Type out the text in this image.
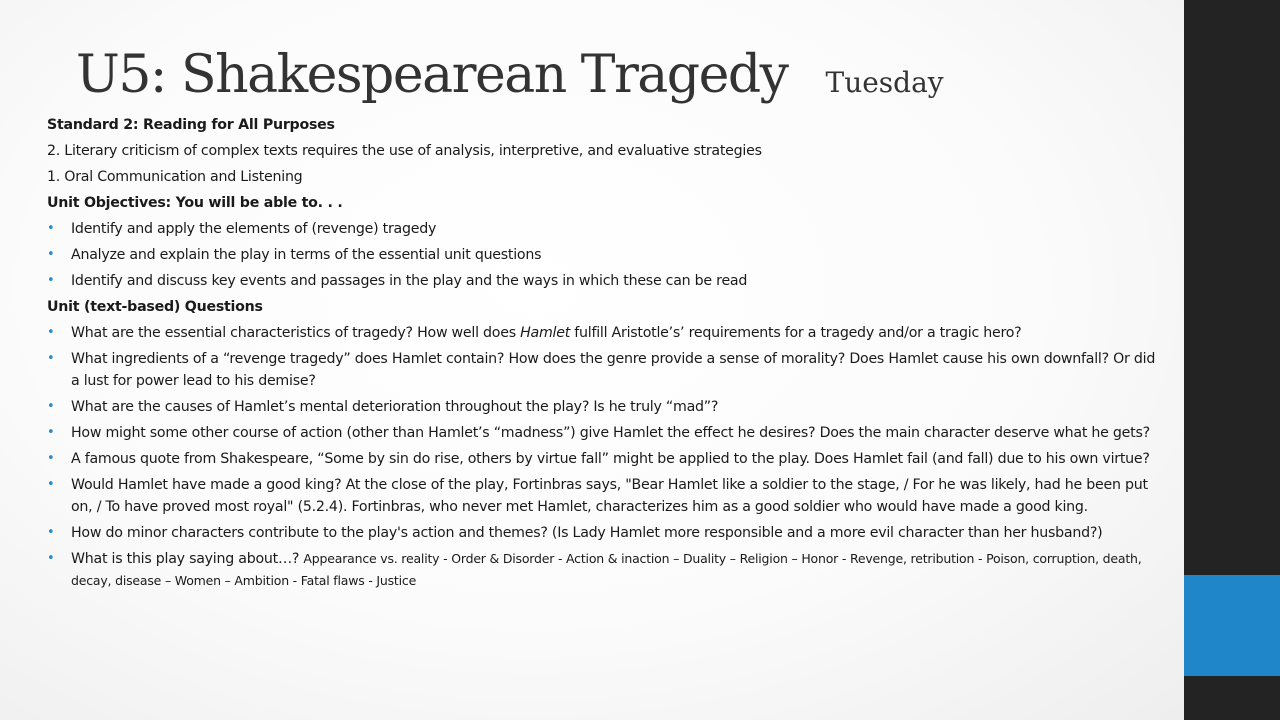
U5: Shakespearean Tragedy Tuesday

Standard 2: Reading for All Purposes

2. Literary criticism of complex texts requires the use of analysis, interpretive, and evaluative strategies

1. Oral Communication and Listening

Unit Objectives: You will be able to. . .

• Identify and apply the elements of (revenge) tragedy
• Analyze and explain the play in terms of the essential unit questions
• Identify and discuss key events and passages in the play and the ways in which these can be read

Unit (text-based) Questions

• What are the essential characteristics of tragedy? How well does Hamlet fulfill Aristotle’s’ requirements for a tragedy and/or a tragic hero?
• What ingredients of a “revenge tragedy” does Hamlet contain? How does the genre provide a sense of morality? Does Hamlet cause his own downfall? Or did a lust for power lead to his demise?
• What are the causes of Hamlet’s mental deterioration throughout the play? Is he truly “mad”?
• How might some other course of action (other than Hamlet’s “madness”) give Hamlet the effect he desires? Does the main character deserve what he gets?
• A famous quote from Shakespeare, “Some by sin do rise, others by virtue fall” might be applied to the play. Does Hamlet fail (and fall) due to his own virtue?
• Would Hamlet have made a good king? At the close of the play, Fortinbras says, "Bear Hamlet like a soldier to the stage, / For he was likely, had he been put on, / To have proved most royal" (5.2.4). Fortinbras, who never met Hamlet, characterizes him as a good soldier who would have made a good king.
• How do minor characters contribute to the play's action and themes? (Is Lady Hamlet more responsible and a more evil character than her husband?)
• What is this play saying about…? Appearance vs. reality - Order & Disorder - Action & inaction – Duality – Religion – Honor - Revenge, retribution - Poison, corruption, death, decay, disease – Women – Ambition - Fatal flaws - Justice
